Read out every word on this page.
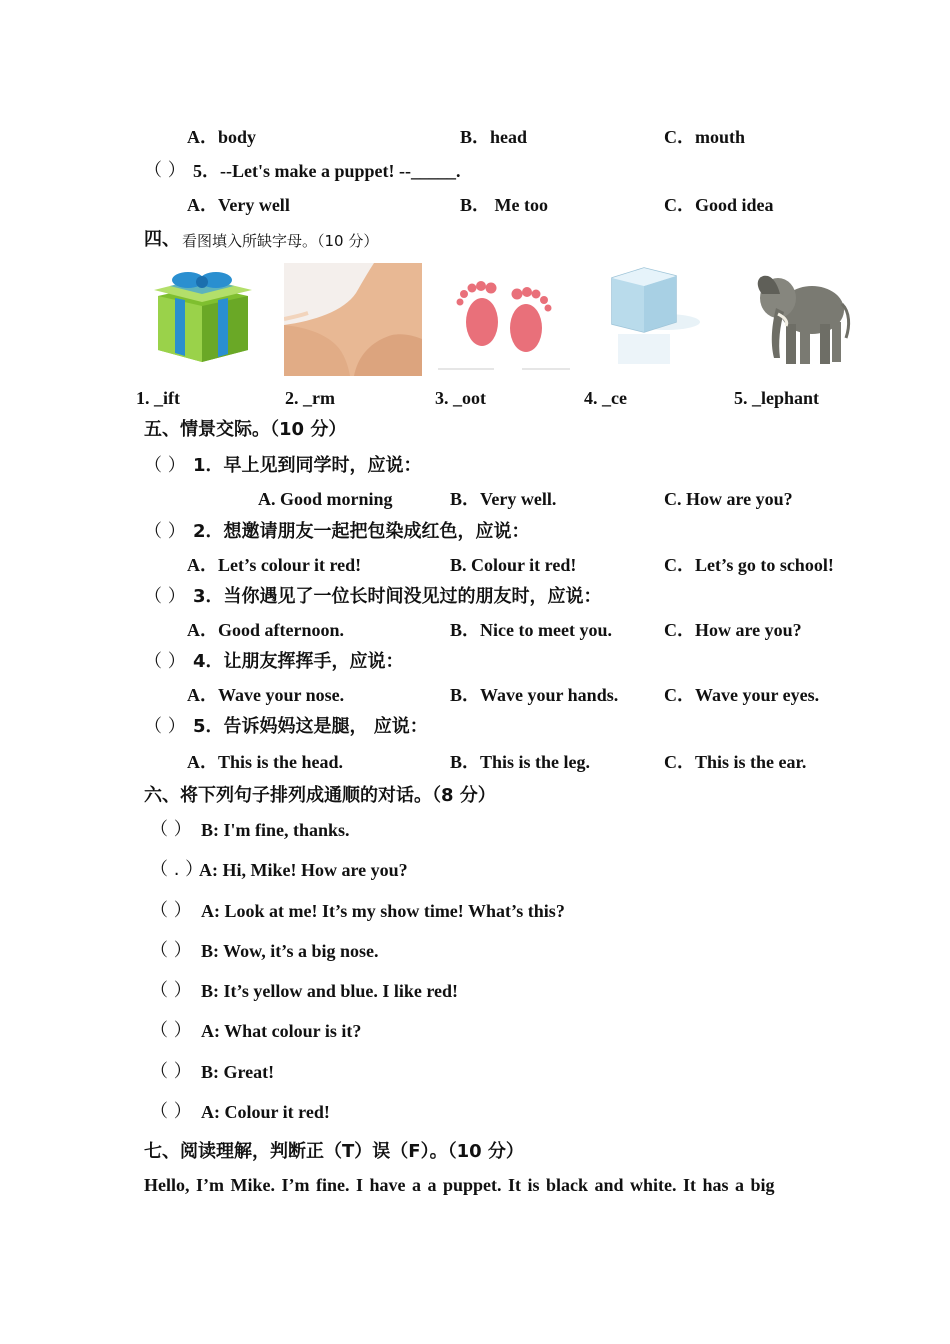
A．body	B．head	C．mouth
（ ） 5．--Let's make a puppet! --_____.
A．Very well	B． Me too	C．Good idea
四、 看图填入所缺字母。（10 分）
1. _ift	2. _rm	3. _oot	4. _ce	5. _lephant
五、情景交际。（10 分）
（ ） 1．早上见到同学时，应说：
A. Good morning	B．Very well.	C. How are you?
（ ） 2．想邀请朋友一起把包染成红色，应说：
A．Let’s colour it red!	B. Colour it red!	C．Let’s go to school!
（ ） 3．当你遇见了一位长时间没见过的朋友时，应说：
A．Good afternoon.	B．Nice to meet you.	C．How are you?
（ ） 4．让朋友挥挥手，应说：
A．Wave your nose.	B．Wave your hands.	C．Wave your eyes.
（ ） 5．告诉妈妈这是腿， 应说：
A．This is the head.	B．This is the leg.	C．This is the ear.
六、将下列句子排列成通顺的对话。（8 分）
（ ） B: I'm fine, thanks.
（ . ）
A: Hi, Mike! How are you?
（ ） A: Look at me! It’s my show time! What’s this?
（ ） B: Wow, it’s a big nose.
（ ） B: It’s yellow and blue. I like red!
（ ） A: What colour is it?
（ ） B: Great!
（ ） A: Colour it red!
七、阅读理解，判断正（T）误（F）。（10 分）
Hello, I’m Mike. I’m fine. I have a a puppet. It is black and white. It has a big
